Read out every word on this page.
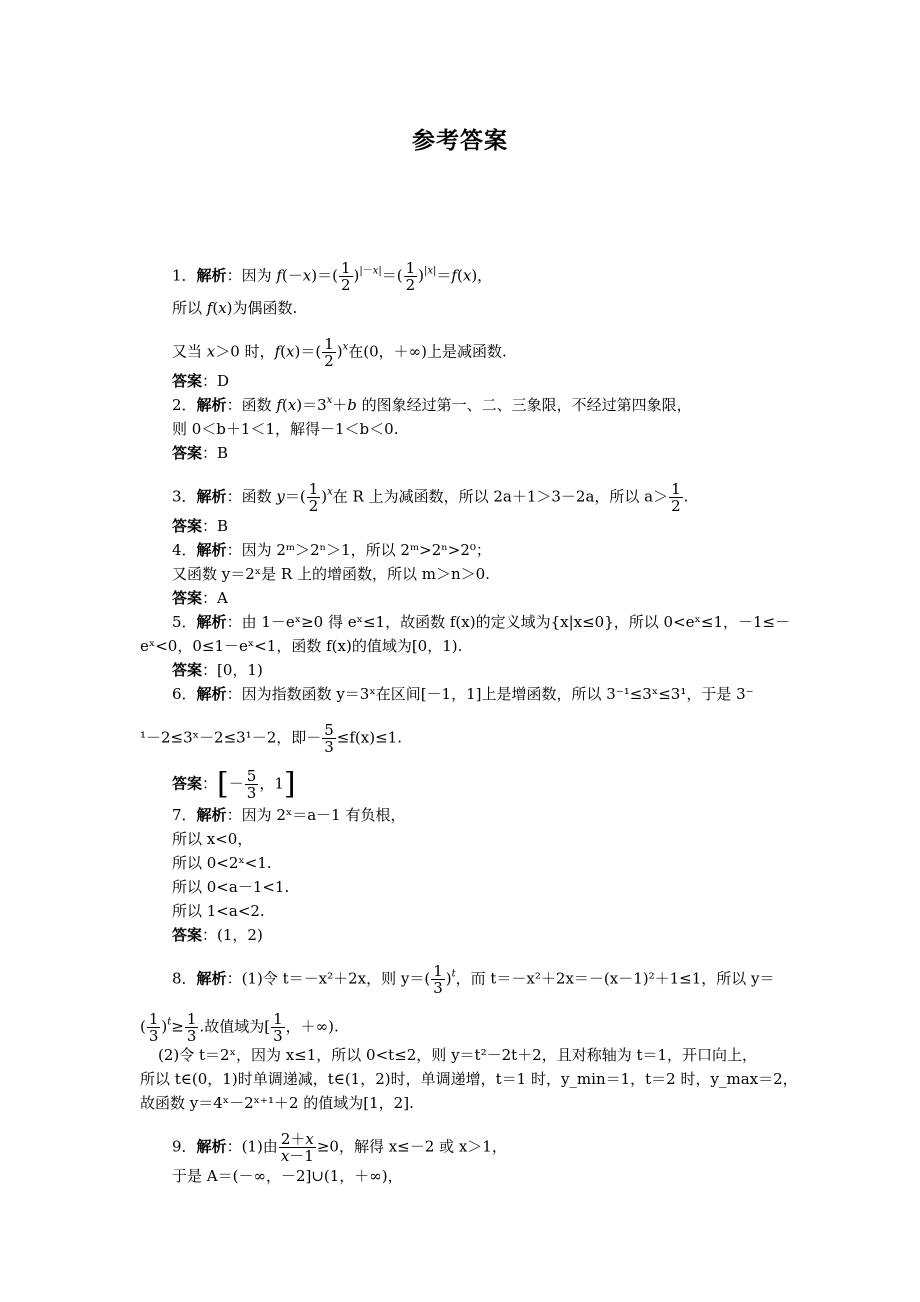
参考答案
1．解析：因为 $f(-x)=( \frac{1}{2} )^{|-x|}=( \frac{1}{2} )^{|x|}=f(x)$，
所以 f(x)为偶函数.
又当 x＞0 时，$f(x)=( \frac{1}{2} )^x$在(0，＋∞)上是减函数.
答案：D
2．解析：函数 $f(x)=3^x+b$ 的图象经过第一、二、三象限，不经过第四象限，
则 0＜b＋1＜1，解得－1＜b＜0.
答案：B
3．解析：函数 $y=( \frac{1}{2} )^x$在 R 上为减函数，所以 2a＋1＞3－2a，所以 $a> \frac{1}{2}$ .
答案：B
4．解析：因为 2ᵐ＞2ⁿ＞1，所以 2ᵐ>2ⁿ>2⁰；
又函数 y＝2ˣ是 R 上的增函数，所以 m＞n＞0.
答案：A
5．解析：由 1－eˣ≥0 得 eˣ≤1，故函数 f(x)的定义域为{x|x≤0}，所以 0<eˣ≤1，－1≤－
eˣ<0，0≤1－eˣ<1，函数 f(x)的值域为[0，1).
答案：[0，1)
6．解析：因为指数函数 y＝3ˣ在区间[－1，1]上是增函数，所以 3⁻¹≤3ˣ≤3¹，于是 3⁻
¹－2≤3ˣ－2≤3¹－2，即－ $\frac{5}{3} \le f(x)\le 1$.
答案：[－ $\frac{5}{3}$ ，1]
7．解析：因为 2ˣ＝a－1 有负根，
所以 x<0，
所以 0<2ˣ<1.
所以 0<a－1<1.
所以 1<a<2.
答案：(1，2)
8．解析：(1)令 t＝－x²＋2x，则 $y=( \frac{1}{3} )^t$，而 t＝－x²＋2x＝－(x－1)²＋1≤1，所以 y＝
( $\frac{1}{3} )^t\ge \frac{1}{3}$ .故值域为[ $\frac{1}{3}$ ，＋∞).
(2)令 t＝2ˣ，因为 x≤1，所以 0<t≤2，则 y＝t²－2t＋2，且对称轴为 t＝1，开口向上，
所以 t∈(0，1)时单调递减，t∈(1，2)时，单调递增，t＝1 时，y_min＝1，t＝2 时，y_max＝2，
故函数 y＝4ˣ－2ˣ⁺¹＋2 的值域为[1，2].
9．解析：(1)由 $\frac{2+x}{x-1} \ge 0$，解得 x≤－2 或 x＞1，
于是 A＝(－∞，－2]∪(1，＋∞)，
